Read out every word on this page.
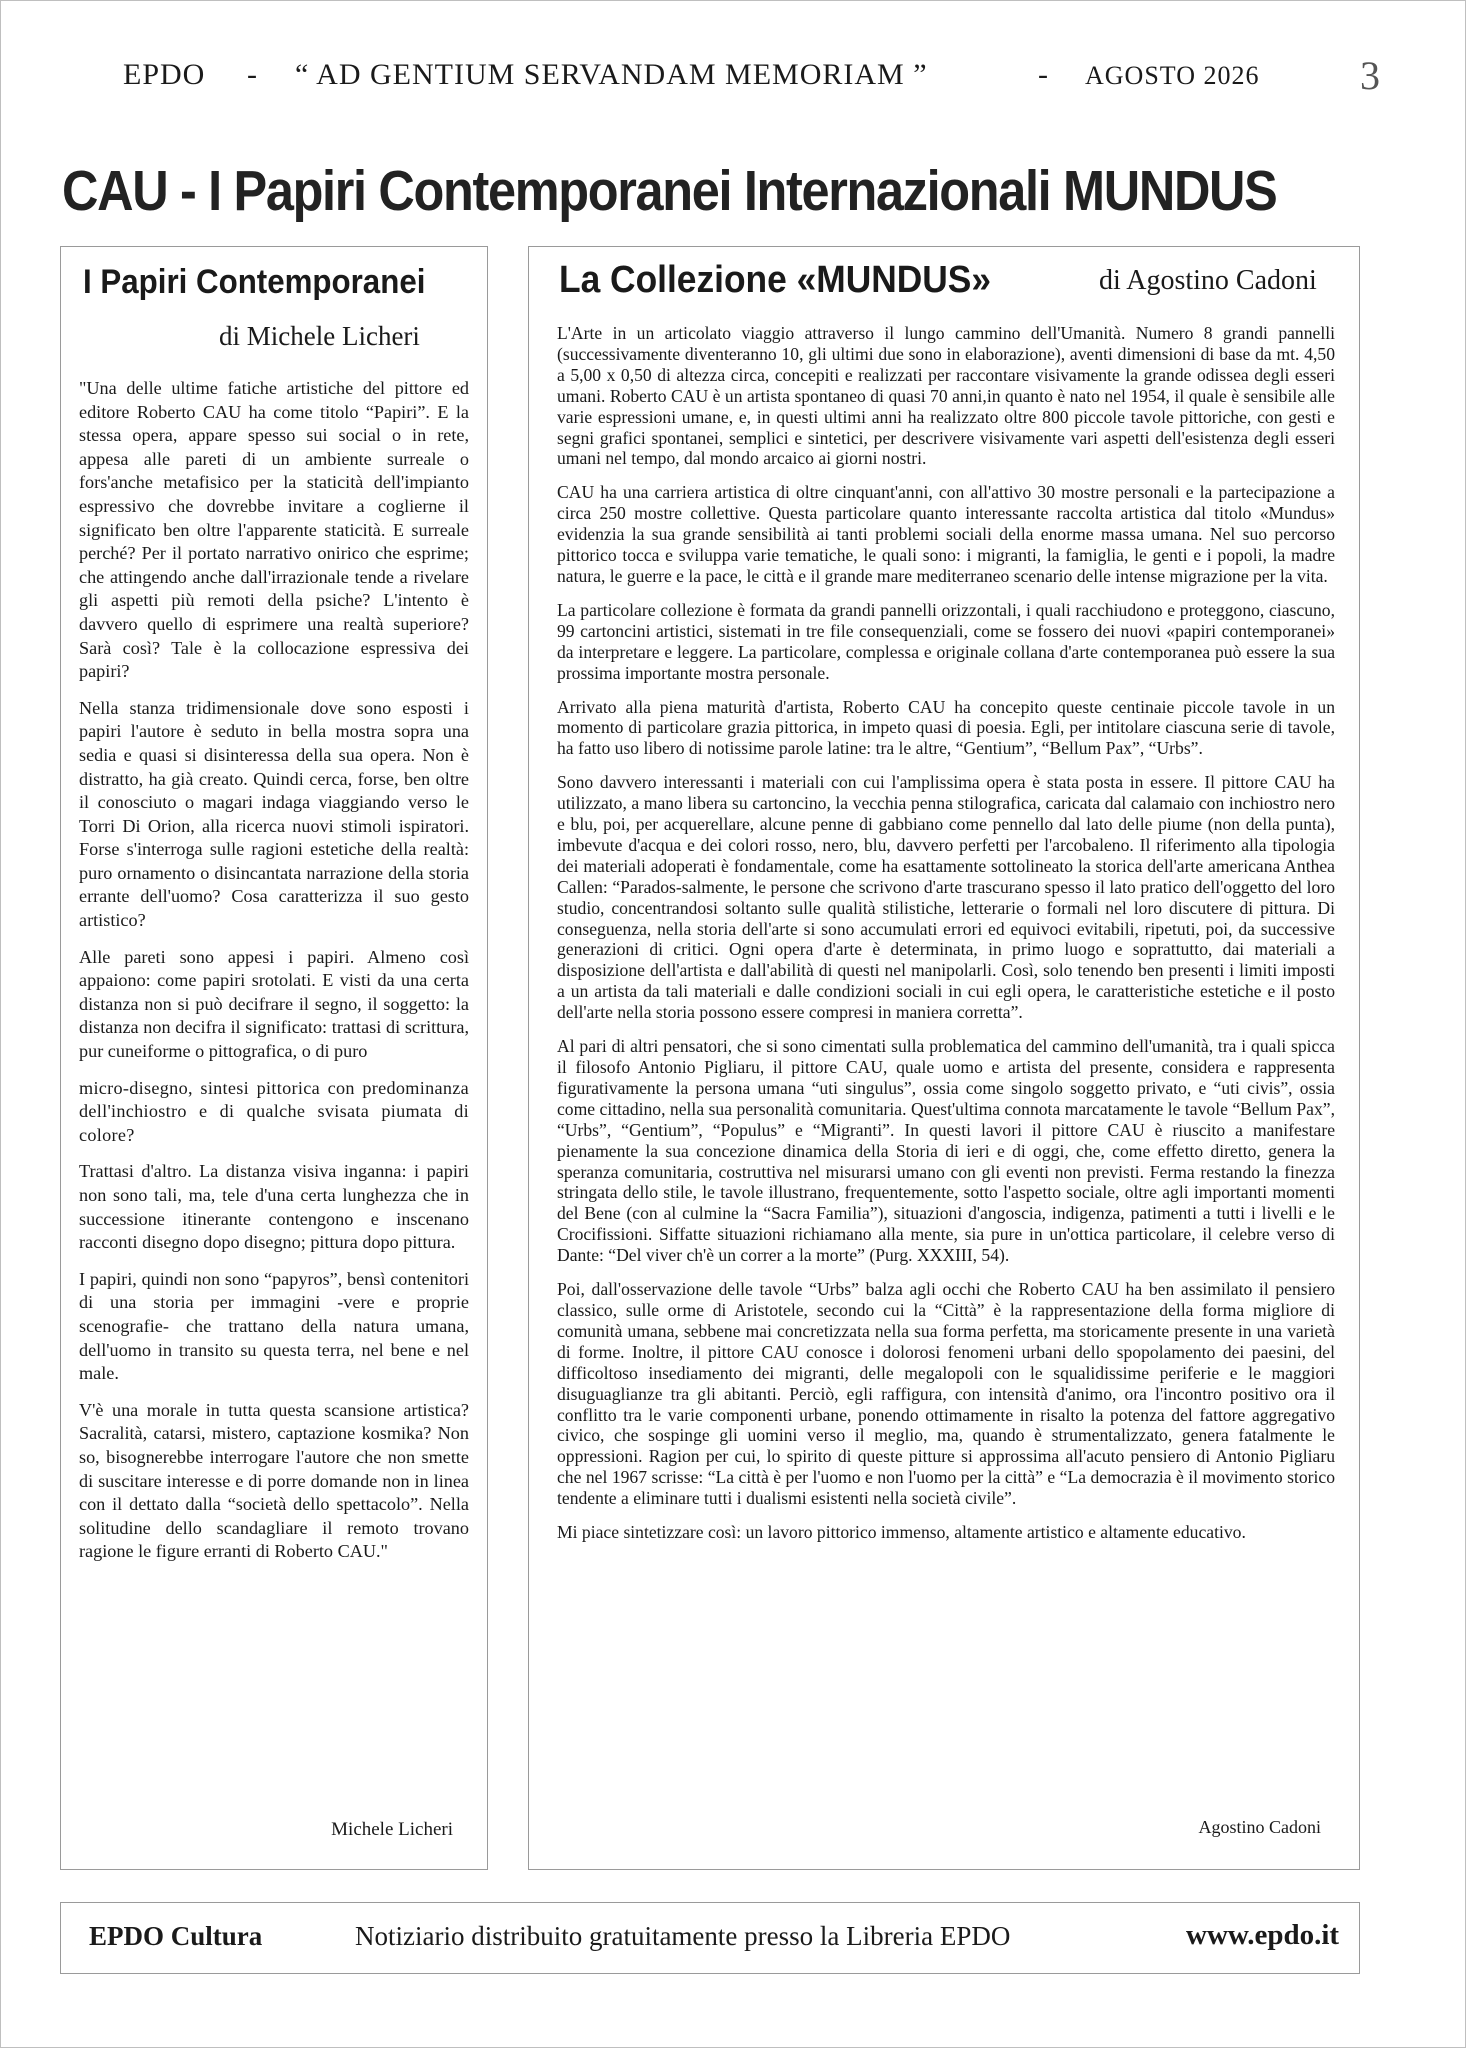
EPDO - “ AD GENTIUM SERVANDAM MEMORIAM ”	- AGOSTO 2026	3
CAU - I Papiri Contemporanei Internazionali MUNDUS
I Papiri Contemporanei
di Michele Licheri

"Una delle ultime fatiche artistiche del pittore ed editore Roberto CAU ha come titolo “Papiri”. E la stessa opera, appare spesso sui social o in rete, appesa alle pareti di un ambiente surreale o fors'anche metafisico per la staticità dell'impianto espressivo che dovrebbe invitare a coglierne il significato ben oltre l'apparente staticità. E surreale perché? Per il portato narrativo onirico che esprime; che attingendo anche dall'irrazionale tende a rivelare gli aspetti più remoti della psiche? L'intento è davvero quello di esprimere una realtà superiore? Sarà così? Tale è la collocazione espressiva dei papiri?

Nella stanza tridimensionale dove sono esposti i papiri l'autore è seduto in bella mostra sopra una sedia e quasi si disinteressa della sua opera. Non è distratto, ha già creato. Quindi cerca, forse, ben oltre il conosciuto o magari indaga viaggiando verso le Torri Di Orion, alla ricerca nuovi stimoli ispiratori. Forse s'interroga sulle ragioni estetiche della realtà: puro ornamento o disincantata narrazione della storia errante dell'uomo? Cosa caratterizza il suo gesto artistico?

Alle pareti sono appesi i papiri. Almeno così appaiono: come papiri srotolati. E visti da una certa distanza non si può decifrare il segno, il soggetto: la distanza non decifra il significato: trattasi di scrittura, pur cuneiforme o pittografica, o di puro

micro-disegno, sintesi pittorica con predominanza dell'inchiostro e di qualche svisata piumata di colore?

Trattasi d'altro. La distanza visiva inganna: i papiri non sono tali, ma, tele d'una certa lunghezza che in successione itinerante contengono e inscenano racconti disegno dopo disegno; pittura dopo pittura.

I papiri, quindi non sono “papyros”, bensì contenitori di una storia per immagini -vere e proprie scenografie- che trattano della natura umana, dell'uomo in transito su questa terra, nel bene e nel male.

V'è una morale in tutta questa scansione artistica? Sacralità, catarsi, mistero, captazione kosmika? Non so, bisognerebbe interrogare l'autore che non smette di suscitare interesse e di porre domande non in linea con il dettato dalla “società dello spettacolo”. Nella solitudine dello scandagliare il remoto trovano ragione le figure erranti di Roberto CAU."

Michele Licheri
La Collezione «MUNDUS»	di Agostino Cadoni

L'Arte in un articolato viaggio attraverso il lungo cammino dell'Umanità. Numero 8 grandi pannelli (successivamente diventeranno 10, gli ultimi due sono in elaborazione), aventi dimensioni di base da mt. 4,50 a 5,00 x 0,50 di altezza circa, concepiti e realizzati per raccontare visivamente la grande odissea degli esseri umani. Roberto CAU è un artista spontaneo di quasi 70 anni,in quanto è nato nel 1954, il quale è sensibile alle varie espressioni umane, e, in questi ultimi anni ha realizzato oltre 800 piccole tavole pittoriche, con gesti e segni grafici spontanei, semplici e sintetici, per descrivere visivamente vari aspetti dell'esistenza degli esseri umani nel tempo, dal mondo arcaico ai giorni nostri.

CAU ha una carriera artistica di oltre cinquant'anni, con all'attivo 30 mostre personali e la partecipazione a circa 250 mostre collettive. Questa particolare quanto interessante raccolta artistica dal titolo «Mundus» evidenzia la sua grande sensibilità ai tanti problemi sociali della enorme massa umana. Nel suo percorso pittorico tocca e sviluppa varie tematiche, le quali sono: i migranti, la famiglia, le genti e i popoli, la madre natura, le guerre e la pace, le città e il grande mare mediterraneo scenario delle intense migrazione per la vita.

La particolare collezione è formata da grandi pannelli orizzontali, i quali racchiudono e proteggono, ciascuno, 99 cartoncini artistici, sistemati in tre file consequenziali, come se fossero dei nuovi «papiri contemporanei» da interpretare e leggere. La particolare, complessa e originale collana d'arte contemporanea può essere la sua prossima importante mostra personale.

Arrivato alla piena maturità d'artista, Roberto CAU ha concepito queste centinaie piccole tavole in un momento di particolare grazia pittorica, in impeto quasi di poesia. Egli, per intitolare ciascuna serie di tavole, ha fatto uso libero di notissime parole latine: tra le altre, “Gentium”, “Bellum Pax”, “Urbs”.

Sono davvero interessanti i materiali con cui l'amplissima opera è stata posta in essere. Il pittore CAU ha utilizzato, a mano libera su cartoncino, la vecchia penna stilografica, caricata dal calamaio con inchiostro nero e blu, poi, per acquerellare, alcune penne di gabbiano come pennello dal lato delle piume (non della punta), imbevute d'acqua e dei colori rosso, nero, blu, davvero perfetti per l'arcobaleno. Il riferimento alla tipologia dei materiali adoperati è fondamentale, come ha esattamente sottolineato la storica dell'arte americana Anthea Callen: “Parados-salmente, le persone che scrivono d'arte trascurano spesso il lato pratico dell'oggetto del loro studio, concentrandosi soltanto sulle qualità stilistiche, letterarie o formali nel loro discutere di pittura. Di conseguenza, nella storia dell'arte si sono accumulati errori ed equivoci evitabili, ripetuti, poi, da successive generazioni di critici. Ogni opera d'arte è determinata, in primo luogo e soprattutto, dai materiali a disposizione dell'artista e dall'abilità di questi nel manipolarli. Così, solo tenendo ben presenti i limiti imposti a un artista da tali materiali e dalle condizioni sociali in cui egli opera, le caratteristiche estetiche e il posto dell'arte nella storia possono essere compresi in maniera corretta”.

Al pari di altri pensatori, che si sono cimentati sulla problematica del cammino dell'umanità, tra i quali spicca il filosofo Antonio Pigliaru, il pittore CAU, quale uomo e artista del presente, considera e rappresenta figurativamente la persona umana “uti singulus”, ossia come singolo soggetto privato, e “uti civis”, ossia come cittadino, nella sua personalità comunitaria. Quest'ultima connota marcatamente le tavole “Bellum Pax”, “Urbs”, “Gentium”, “Populus” e “Migranti”. In questi lavori il pittore CAU è riuscito a manifestare pienamente la sua concezione dinamica della Storia di ieri e di oggi, che, come effetto diretto, genera la speranza comunitaria, costruttiva nel misurarsi umano con gli eventi non previsti. Ferma restando la finezza stringata dello stile, le tavole illustrano, frequentemente, sotto l'aspetto sociale, oltre agli importanti momenti del Bene (con al culmine la “Sacra Familia”), situazioni d'angoscia, indigenza, patimenti a tutti i livelli e le Crocifissioni. Siffatte situazioni richiamano alla mente, sia pure in un'ottica particolare, il celebre verso di Dante: “Del viver ch'è un correr a la morte” (Purg. XXXIII, 54).

Poi, dall'osservazione delle tavole “Urbs” balza agli occhi che Roberto CAU ha ben assimilato il pensiero classico, sulle orme di Aristotele, secondo cui la “Città” è la rappresentazione della forma migliore di comunità umana, sebbene mai concretizzata nella sua forma perfetta, ma storicamente presente in una varietà di forme. Inoltre, il pittore CAU conosce i dolorosi fenomeni urbani dello spopolamento dei paesini, del difficoltoso insediamento dei migranti, delle megalopoli con le squalidissime periferie e le maggiori disuguaglianze tra gli abitanti. Perciò, egli raffigura, con intensità d'animo, ora l'incontro positivo ora il conflitto tra le varie componenti urbane, ponendo ottimamente in risalto la potenza del fattore aggregativo civico, che sospinge gli uomini verso il meglio, ma, quando è strumentalizzato, genera fatalmente le oppressioni. Ragion per cui, lo spirito di queste pitture si approssima all'acuto pensiero di Antonio Pigliaru che nel 1967 scrisse: “La città è per l'uomo e non l'uomo per la città” e “La democrazia è il movimento storico tendente a eliminare tutti i dualismi esistenti nella società civile”.

Mi piace sintetizzare così: un lavoro pittorico immenso, altamente artistico e altamente educativo.

Agostino Cadoni
EPDO Cultura	Notiziario distribuito gratuitamente presso la Libreria EPDO	www.epdo.it
